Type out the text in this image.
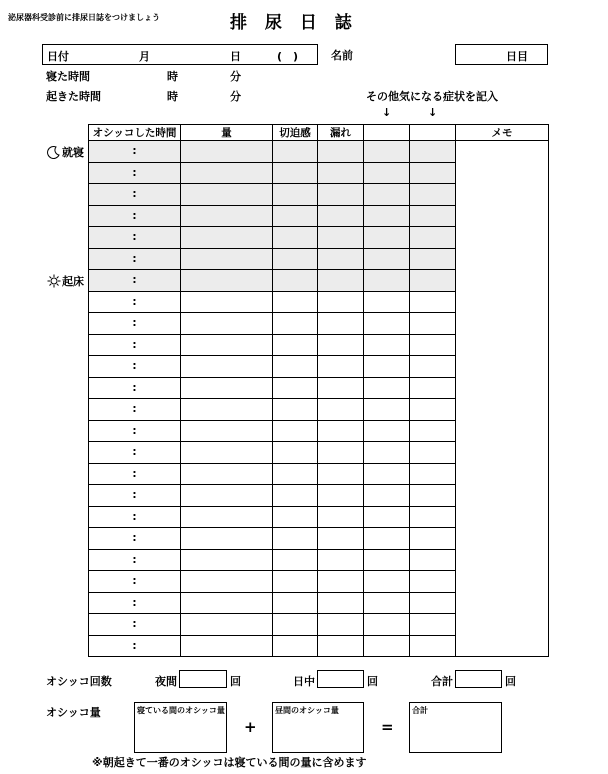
泌尿器科受診前に排尿日誌をつけましょう	排 尿 日 誌
日付	月	日	(　)	名前	日目
寝た時間	時	分
起きた時間	時	分	その他気になる症状を記入
↓	↓
就寝
起床
オシッコした時間	量	切迫感	漏れ			メモ
:						
:						
:						
:						
:						
:						
:						
:						
:						
:						
:						
:						
:						
:						
:						
:						
:						
:						
:						
:						
:						
:						
:						
:						
オシッコ回数	夜間	回	日中	回	合計	回
オシッコ量	寝ている間のオシッコ量
+
昼間のオシッコ量
=
合計
※朝起きて一番のオシッコは寝ている間の量に含めます
